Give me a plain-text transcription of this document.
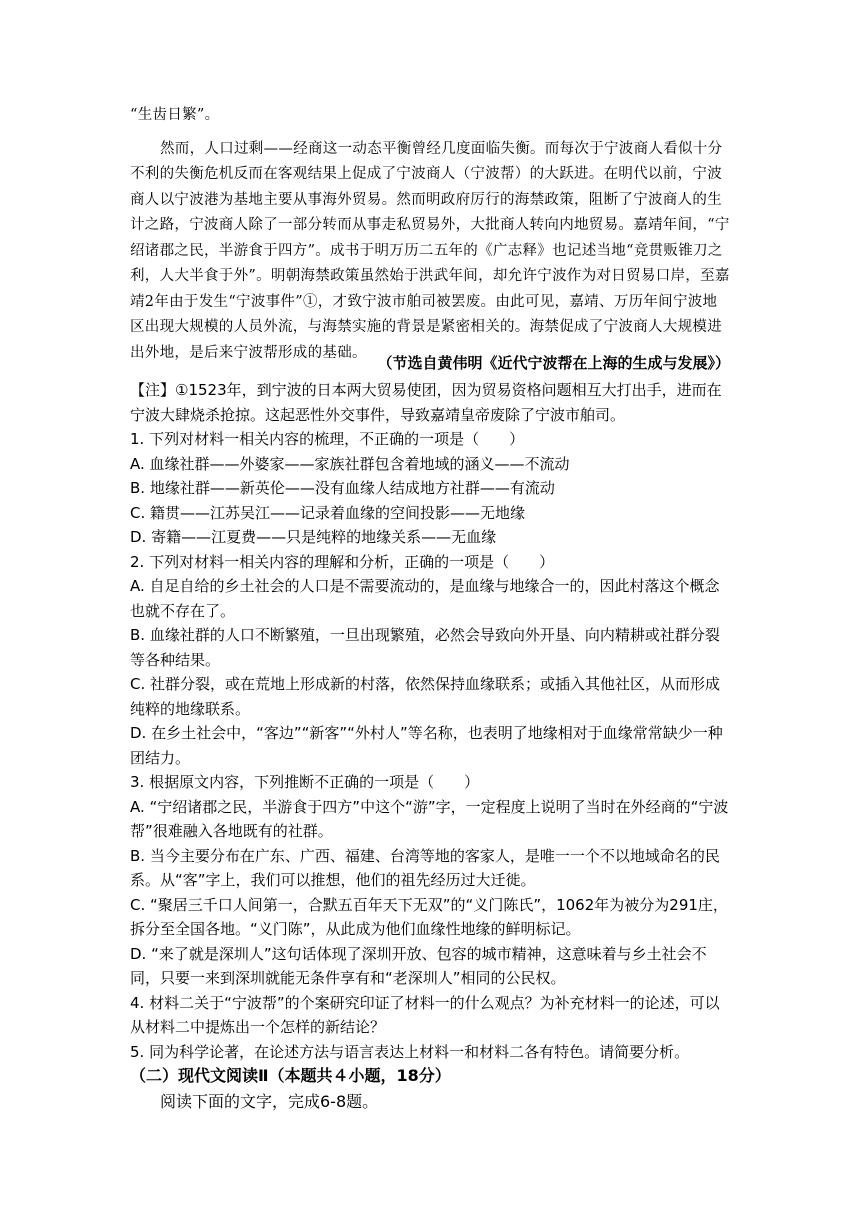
“生齿日繁”。

然而，人口过剩——经商这一动态平衡曾经几度面临失衡。而每次于宁波商人看似十分不利的失衡危机反而在客观结果上促成了宁波商人（宁波帮）的大跃进。在明代以前，宁波商人以宁波港为基地主要从事海外贸易。然而明政府厉行的海禁政策，阻断了宁波商人的生计之路，宁波商人除了一部分转而从事走私贸易外，大批商人转向内地贸易。嘉靖年间，“宁绍诸郡之民，半游食于四方”。成书于明万历二五年的《广志释》也记述当地“竞贯贩锥刀之利，人大半食于外”。明朝海禁政策虽然始于洪武年间，却允许宁波作为对日贸易口岸，至嘉靖2年由于发生“宁波事件”①，才致宁波市舶司被罢废。由此可见，嘉靖、万历年间宁波地区出现大规模的人员外流，与海禁实施的背景是紧密相关的。海禁促成了宁波商人大规模进出外地，是后来宁波帮形成的基础。

（节选自黄伟明《近代宁波帮在上海的生成与发展》）

【注】①1523年，到宁波的日本两大贸易使团，因为贸易资格问题相互大打出手，进而在宁波大肆烧杀抢掠。这起恶性外交事件，导致嘉靖皇帝废除了宁波市舶司。

1. 下列对材料一相关内容的梳理，不正确的一项是（　　）

A. 血缘社群——外婆家——家族社群包含着地域的涵义——不流动

B. 地缘社群——新英伦——没有血缘人结成地方社群——有流动

C. 籍贯——江苏吴江——记录着血缘的空间投影——无地缘

D. 寄籍——江夏费——只是纯粹的地缘关系——无血缘

2. 下列对材料一相关内容的理解和分析，正确的一项是（　　）

A. 自足自给的乡土社会的人口是不需要流动的，是血缘与地缘合一的，因此村落这个概念也就不存在了。

B. 血缘社群的人口不断繁殖，一旦出现繁殖，必然会导致向外开垦、向内精耕或社群分裂等各种结果。

C. 社群分裂，或在荒地上形成新的村落，依然保持血缘联系；或插入其他社区，从而形成纯粹的地缘联系。

D. 在乡土社会中，“客边”“新客”“外村人”等名称，也表明了地缘相对于血缘常常缺少一种团结力。

3. 根据原文内容，下列推断不正确的一项是（　　）

A. “宁绍诸郡之民，半游食于四方”中这个“游”字，一定程度上说明了当时在外经商的“宁波帮”很难融入各地既有的社群。

B. 当今主要分布在广东、广西、福建、台湾等地的客家人，是唯一一个不以地域命名的民系。从“客”字上，我们可以推想，他们的祖先经历过大迁徙。

C. “聚居三千口人间第一，合默五百年天下无双”的“义门陈氏”，1062年为被分为291庄，拆分至全国各地。“义门陈”，从此成为他们血缘性地缘的鲜明标记。

D. “来了就是深圳人”这句话体现了深圳开放、包容的城市精神，这意味着与乡土社会不同，只要一来到深圳就能无条件享有和“老深圳人”相同的公民权。

4. 材料二关于“宁波帮”的个案研究印证了材料一的什么观点？为补充材料一的论述，可以从材料二中提炼出一个怎样的新结论？

5. 同为科学论著，在论述方法与语言表达上材料一和材料二各有特色。请简要分析。

（二）现代文阅读Ⅱ（本题共４小题，18分）
阅读下面的文字，完成6-8题。
